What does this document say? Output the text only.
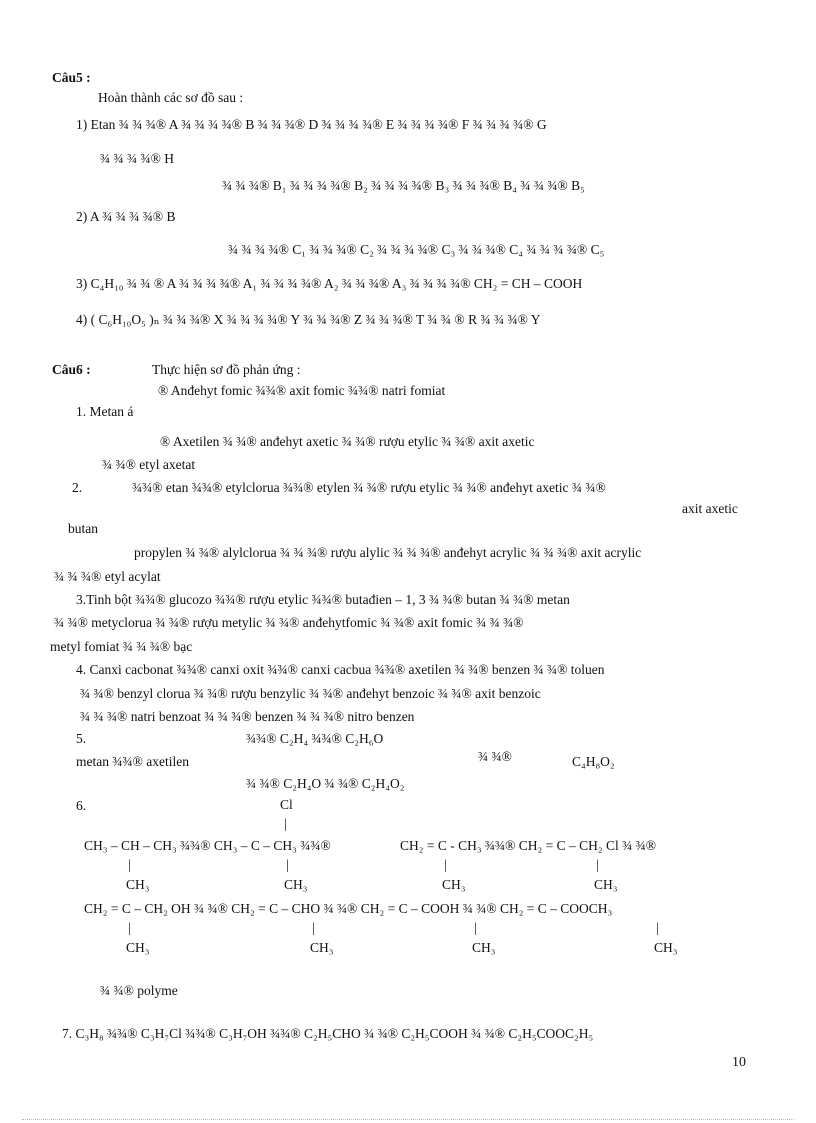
Câu5 :
Hoàn thành các sơ đồ sau :
1) Etan ¾ ¾ ¾® A ¾ ¾ ¾ ¾® B ¾ ¾ ¾® D ¾ ¾ ¾ ¾® E ¾ ¾ ¾ ¾® F ¾ ¾ ¾ ¾® G
¾ ¾ ¾ ¾® H
¾ ¾ ¾® B₁ ¾ ¾ ¾ ¾® B₂ ¾ ¾ ¾ ¾® B₃ ¾ ¾ ¾® B₄ ¾ ¾ ¾® B₅
2) A ¾ ¾ ¾ ¾® B
¾ ¾ ¾ ¾® C₁ ¾ ¾ ¾® C₂ ¾ ¾ ¾ ¾® C₃ ¾ ¾ ¾® C₄ ¾ ¾ ¾ ¾® C₅
3) C₄H₁₀ ¾ ¾ ® A ¾ ¾ ¾ ¾® A₁ ¾ ¾ ¾ ¾® A₂ ¾ ¾ ¾® A₃ ¾ ¾ ¾ ¾® CH₂ = CH – COOH
4) ( C₆H₁₀O₅ )ₙ ¾ ¾ ¾® X ¾ ¾ ¾ ¾® Y ¾ ¾ ¾® Z ¾ ¾ ¾® T ¾ ¾ ® R ¾ ¾ ¾® Y
Câu6 :	Thực hiện sơ đồ phản ứng :
® Anđehyt fomic ¾¾® axit fomic ¾¾® natri fomiat
1. Metan á
® Axetilen ¾ ¾® anđehyt axetic ¾ ¾® rượu etylic ¾ ¾® axit axetic
¾ ¾® etyl axetat
2.	¾¾® etan ¾¾® etylclorua ¾¾® etylen ¾ ¾® rượu etylic ¾ ¾® anđehyt axetic ¾ ¾®
axit axetic
butan
propylen ¾ ¾® alylclorua ¾ ¾ ¾® rượu alylic ¾ ¾ ¾® anđehyt acrylic ¾ ¾ ¾® axit acrylic
¾ ¾ ¾® etyl acylat
3.Tinh bột ¾¾® glucozo ¾¾® rượu etylic ¾¾® butađien – 1, 3 ¾ ¾® butan ¾ ¾® metan
¾ ¾® metyclorua ¾ ¾® rượu metylic ¾ ¾® anđehytfomic ¾ ¾® axit fomic ¾ ¾ ¾®
metyl fomiat ¾ ¾ ¾® bạc
4. Canxi cacbonat ¾¾® canxi oxit ¾¾® canxi cacbua ¾¾® axetilen ¾ ¾® benzen ¾ ¾® toluen
¾ ¾® benzyl clorua ¾ ¾® rượu benzylic ¾ ¾® anđehyt benzoic ¾ ¾® axit benzoic
¾ ¾ ¾® natri benzoat ¾ ¾ ¾® benzen ¾ ¾ ¾® nitro benzen
5.	¾¾® C₂H₄ ¾¾® C₂H₆O
metan ¾¾® axetilen	¾ ¾®	C₄H₈O₂
¾ ¾® C₂H₄O ¾ ¾® C₂H₄O₂
6.	Cl
|
CH₃ – CH – CH₃ ¾¾® CH₃ – C – CH₃ ¾¾®	CH₂ = C - CH₃ ¾¾® CH₂ = C – CH₂ Cl ¾ ¾®
|	|	|	|
CH₃	CH₃	CH₃	CH₃
CH₂ = C – CH₂ OH ¾ ¾® CH₂ = C – CHO ¾ ¾® CH₂ = C – COOH ¾ ¾® CH₂ = C – COOCH₃
|	|	|	|
CH₃	CH₃	CH₃	CH₃
¾ ¾® polyme
7. C₃H₈ ¾¾® C₃H₇Cl ¾¾® C₃H₇OH ¾¾® C₂H₅CHO ¾ ¾® C₂H₅COOH ¾ ¾® C₂H₅COOC₂H₅
10
